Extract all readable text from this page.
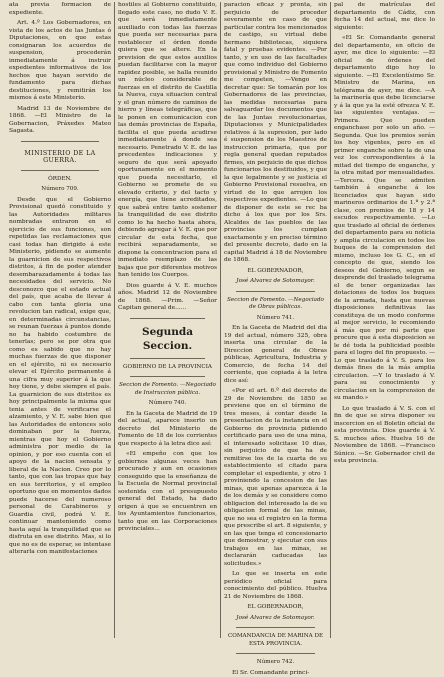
ata previa formacion de expediente.

Art. 4.º Los Gobernadores, en vista de los actos de las Juntas ó Diputaciones, en que estas consignaran los acuerdos de suspension, procederán inmediatamente á instruir expedientes informativos de los hechos que hayan servido de fundamento para dichas destituciones, y remitirán los mismos á este Ministerio.

Madrid 13 de Noviembre de 1868. —El Ministro de la Gobernacion, Práxedes Mateo Sagasta.

MINISTERIO DE LA GUERRA.
ÓRDEN.
Número 709.

Desde que el Gobierno Provisional quedó constituido y las Autoridades militares nombradas entraron en el ejercicio de sus funciones, son repetidas las reclamaciones que casi todas han dirigido á este Ministerio, pidiendo se aumente la guarnicion de sus respectivos distritos, á fin de poder atender desembarazadamente á todas las necesidades del servicio. No desconozco que el estado actual del país, que acaba de llevar á cabo con tanta gloria una revolucion tan radical, exige que, en determinadas circunstancias, se reunan fuerzas á puntos donde no ha habido costumbre de tenerlas; pero se por otra que como es sabido que no hay muchas fuerzas de que disponer en el ejército, ni es necesario elevar el Ejército permanente á una cifra muy superior á la que hoy tiene, y debe siempre el país. La guarnicion de sus distritos es hoy principalmente la misma que tenia antes de verificarse el alzamiento, y V. E. sabe bien que las Autoridades de entonces solo dominaban por la fuerza, mientras que hoy el Gobierno administra por medio de la opinion, y por eso cuenta con el apoyo de la nacion sensata y liberal de la Nacion. Creo por lo tanto, que con las tropas que hay en sus territorios, y el empleo oportuno que en momentos dados puede hacerse del numeroso personal de Carabineros y Guardia civil, podrá V. E. continuar manteniendo como hasta aquí la tranquilidad que se disfruta en ese distrito. Mas, si lo que no es de esperar, se intentase alterarla con manifestaciones

hostiles al Gobierno constituido, llegado este caso, no dudo V. E. que será inmediatamente auxiliado con todas las fuerzas que pueda ser necesarias para restablecer el órden donde quiera que se altere. En la prevision de que estos auxilios puedan facilitarse con la mayor rapidez posible, se halla reunido un núcleo considerable de fuerzas en el distrito de Castilla la Nueva, cuya situacion central y el gran número de caminos de hierro y líneas telegráficas, que le ponen en comunicacion con las demás provincias de España, facilita el que pueda acudirse inmediatamente á donde sea necesario. Penetrado V. E. de las precedentes indicaciones y seguro de que será apoyado oportunamente en el momento que pueda necesitarlo, el Gobierno se promete de su elevado criterio, y del tacto y energía, que tiene acreditados, que sabrá entre tanto sostener la tranquilidad de ese distrito como lo ha hecho hasta ahora, debiendo agregar á V. E. que por circular de esta fecha, que recibirá separadamente, se dispone la concentracion para el inmediato reemplazo de las bajas que por diferentes motivos han tenido los Cuerpos.

Dios guarde á V. E. muchos años. Madrid 12 de Noviembre de 1868. —Prim. —Señor Capitan general de......

Segunda Seccion.
GOBIERNO DE LA PROVINCIA
Seccion de Fomento. —Negociado de Instruccion pública.
Número 740.

En la Gaceta de Madrid de 19 del actual, aparece inserto un decreto del Ministerio de Fomento de 18 de los corrientes que respecto á la letra dice así:

«El empeño con que los gobiernos algunas veces han procurado y aun en ocasiones conseguido que la enseñanza de la Escuela de Normal provincial sostenida con el presupuesto general del Estado, ha dado origen á que se encuentren en los Ayuntamientos funcionarios, tanto que en las Corporaciones provinciales...

paracion eficaz y pronta, sin perjuicio de proceder severamente en caso de que particular contra los mencionados de castigo, su virtual debe hermano bibliotecas, siquiera fatal y pruebas evidentes. —Por tanto, y en uso de las facultades que como individuo del Gobierno provisional y Ministro de Fomento me competen, —Vengo en decretar que: Se tomarán por los Gobernadores de las provincias, las medidas necesarias para salvaguardar los documentos que de las Juntas revolucionarias, Diputaciones y Municipalidades relativos á la supresion, por lado é suspension de los Maestros de instruccion primaria, que por regla general quedan reputados firmes, sin perjuicio de que dichos funcionarios los destituidos, y que la que legalmente y se justicia el Gobierno Provisional resuelva, en virtud de lo que arrojen los respectivos expedientes. —Lo que de disponer de este se rec ba dicho á los que por los Srs. Alcaldes de las pueblos de las provincias los cumplan exactamente y en preciso término del presente decreto, dado en la capital Madrid á 18 de Noviembre de 1868.

EL GOBERNADOR,
José Alvarez de Sotomayor.
Seccion de Fomento. —Negociado de Obras públicas.
Número 741.

En la Gaceta de Madrid del dia 19 del actual, número 325, obra inserta una circular de la Direccion general de Obras públicas, Agricultura, Industria y Comercio, de fecha 14 del corriente, que copiada á la letra dice así:

«Por el art. 6.º del decreto de 29 de Noviembre de 1850 se previene que en el término de tres meses, á contar desde la presentacion de la instancia en el Gobierno de provincia pidiendo certificado para uso de una mina, el interesado solicitase 10 dias, sin perjuicio de que ha de remitirse los de la cuarta de su establecimiento el citado para completar el expediente, y otro 1 proviniendo la concesion de las minas, que apenas aparezca á la de los demás y se considere como obligacion del interesado la de su obligacion formal de las minas, que no sea el registro en la forma que prescribe el art. 8 siguiente, y en las que tenga el concesionario que demostrar, y ejecutar con sus trabajos en las minas, se declararán caducadas las solicitudes.»

Lo que se inserta en este periódico oficial para conocimiento del público. Huelva 21 de Noviembre de 1868.

EL GOBERNADOR,
José Alvarez de Sotomayor.
COMANDANCIA DE MARINA DE ESTA PROVINCIA.
Número 742.

El Sr. Comandante princi-

pal de matrículas del departamento de Cádiz, con fecha 14 del actual, me dice lo siguiente:

«El Sr. Comandante general del departamento, en oficio de ayer, me dice lo siguiente: —El oficial de órdenes del departamento digo hoy lo siguiente. —El Excelentísimo Sr. Ministro de Marina, en telégrama de ayer, me dice. —A la marinería que debe licenciarse y á la que ya la esté ofrezca V. E. las siguientes ventajas. —Primera. Que pueden enganchase por solo un año. —Segunda. Que los premios serán los hoy vigentes, pero en el primer enganche sobre la de una vez los correspondientes á la mitad del tiempo de enganche, y la otra mitad por mensualidades. —Tercera. Que se admiten también á enganche á los licenciados que hayan sido marineros ordinarios de 1.ª y 2.ª clase, con premios de 18 y 14 escudos respectivamente. —Lo que traslado al oficial de órdenes del departamento para su noticia y amplia circulacion en todos los buques de la comprension del mismo, incluso los G. C., en el concepto de que, siendo los deseos del Gobierno, segun se desprende del traslado telegrama el de tener organizadas las dotaciones de todos los buques de la armada, hasta que nuevas disposiciones definitivas las constituya de un modo conforme al mejor servicio, le recomiendo á más que por mí parte que procure que á esta disposicion se le dé toda la publicidad posible para el logro del fin propuesto. —Lo que traslado á V. S. para los demás fines de la más amplia circulacion. —Y lo traslado á V. para su conocimiento y circulacion en la comprension de su mando.»

Lo que traslado á V. S. con el fin de que se sirva disponer su inscercion en el Boletin oficial de esta provincia. Dios guarde á V. S. muchos años. Huelva 16 de Noviembre de 1868. —Francisco Súnico. —Sr. Gobernador civil de esta provincia.
